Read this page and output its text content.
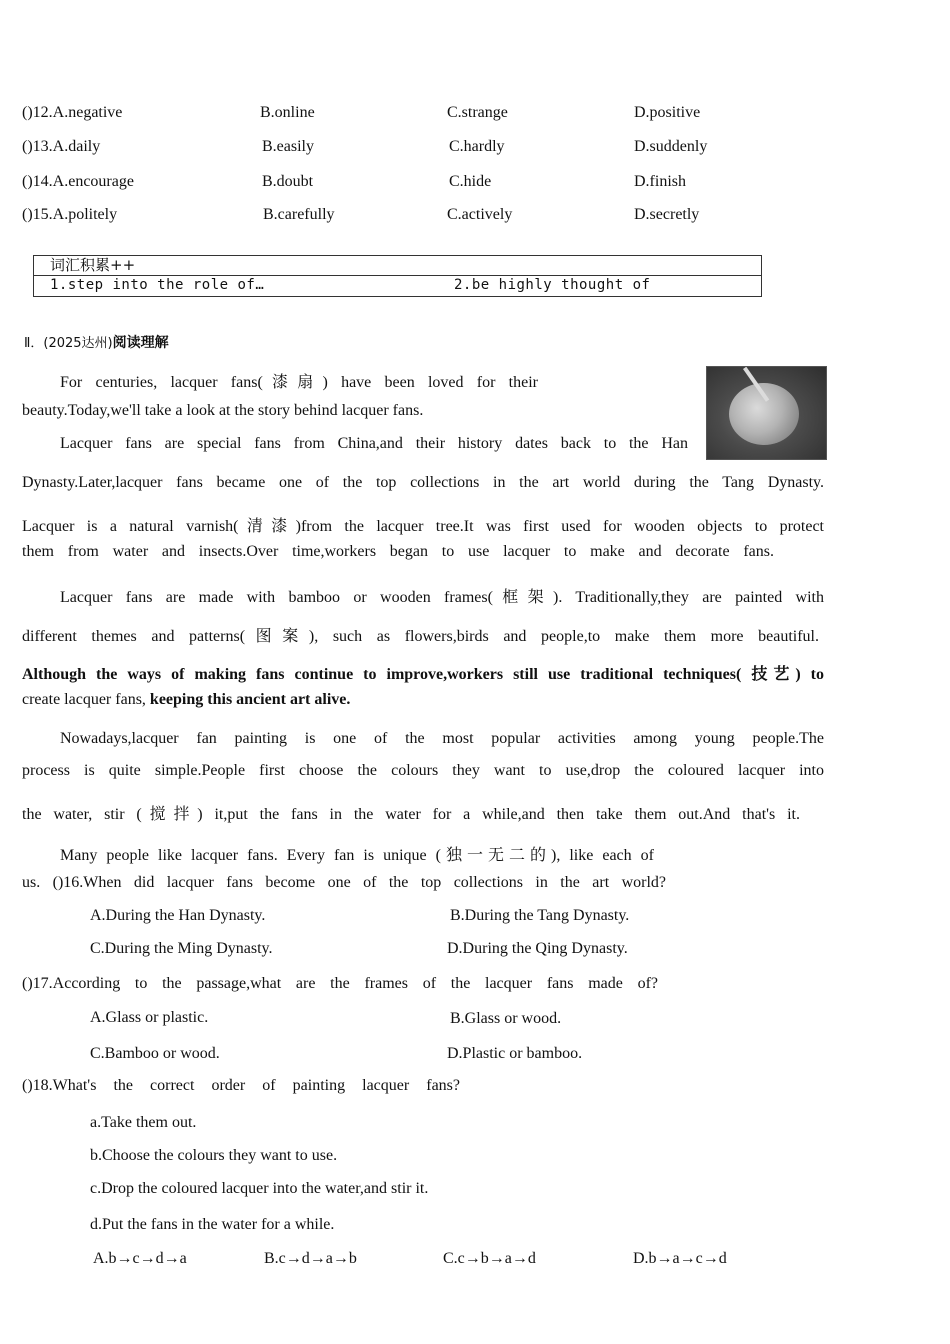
()12.A.negative	B.online	C.strange	D.positive
()13.A.daily	B.easily	C.hardly	D.suddenly
()14.A.encourage	B.doubt	C.hide	D.finish
()15.A.politely	B.carefully	C.actively	D.secretly
词汇积累++
1.step into the role of…	2.be highly thought of
Ⅱ．(2025达州)阅读理解
For centuries, lacquer fans(漆扇) have been loved for their
beauty.Today,we'll take a look at the story behind lacquer fans.
Lacquer fans are special fans from China,and their history dates back to the Han
Dynasty.Later,lacquer fans became one of the top collections in the art world during the Tang Dynasty.
Lacquer is a natural varnish(清漆)from the lacquer tree.It was first used for wooden objects to protect
them from water and insects.Over time,workers began to use lacquer to make and decorate fans.
Lacquer fans are made with bamboo or wooden frames(框架). Traditionally,they are painted with
different themes and patterns(图案), such as flowers,birds and people,to make them more beautiful.
Although the ways of making fans continue to improve,workers still use traditional techniques( 技艺) to
create lacquer fans, keeping this ancient art alive.
Nowadays,lacquer fan painting is one of the most popular activities among young people.The
process is quite simple.People first choose the colours they want to use,drop the coloured lacquer into
the water, stir (搅拌) it,put the fans in the water for a while,and then take them out.And that's it.
Many people like lacquer fans. Every fan is unique (独一无二的), like each of
us. ()16.When did lacquer fans become one of the top collections in the art world?
A.During the Han Dynasty.	B.During the Tang Dynasty.
C.During the Ming Dynasty.	D.During the Qing Dynasty.
()17.According to the passage,what are the frames of the lacquer fans made of?
A.Glass or plastic.	B.Glass or wood.
C.Bamboo or wood.	D.Plastic or bamboo.
()18.What's the correct order of painting lacquer fans?
a.Take them out.
b.Choose the colours they want to use.
c.Drop the coloured lacquer into the water,and stir it.
d.Put the fans in the water for a while.
A.b→c→d→a	B.c→d→a→b	C.c→b→a→d	D.b→a→c→d
